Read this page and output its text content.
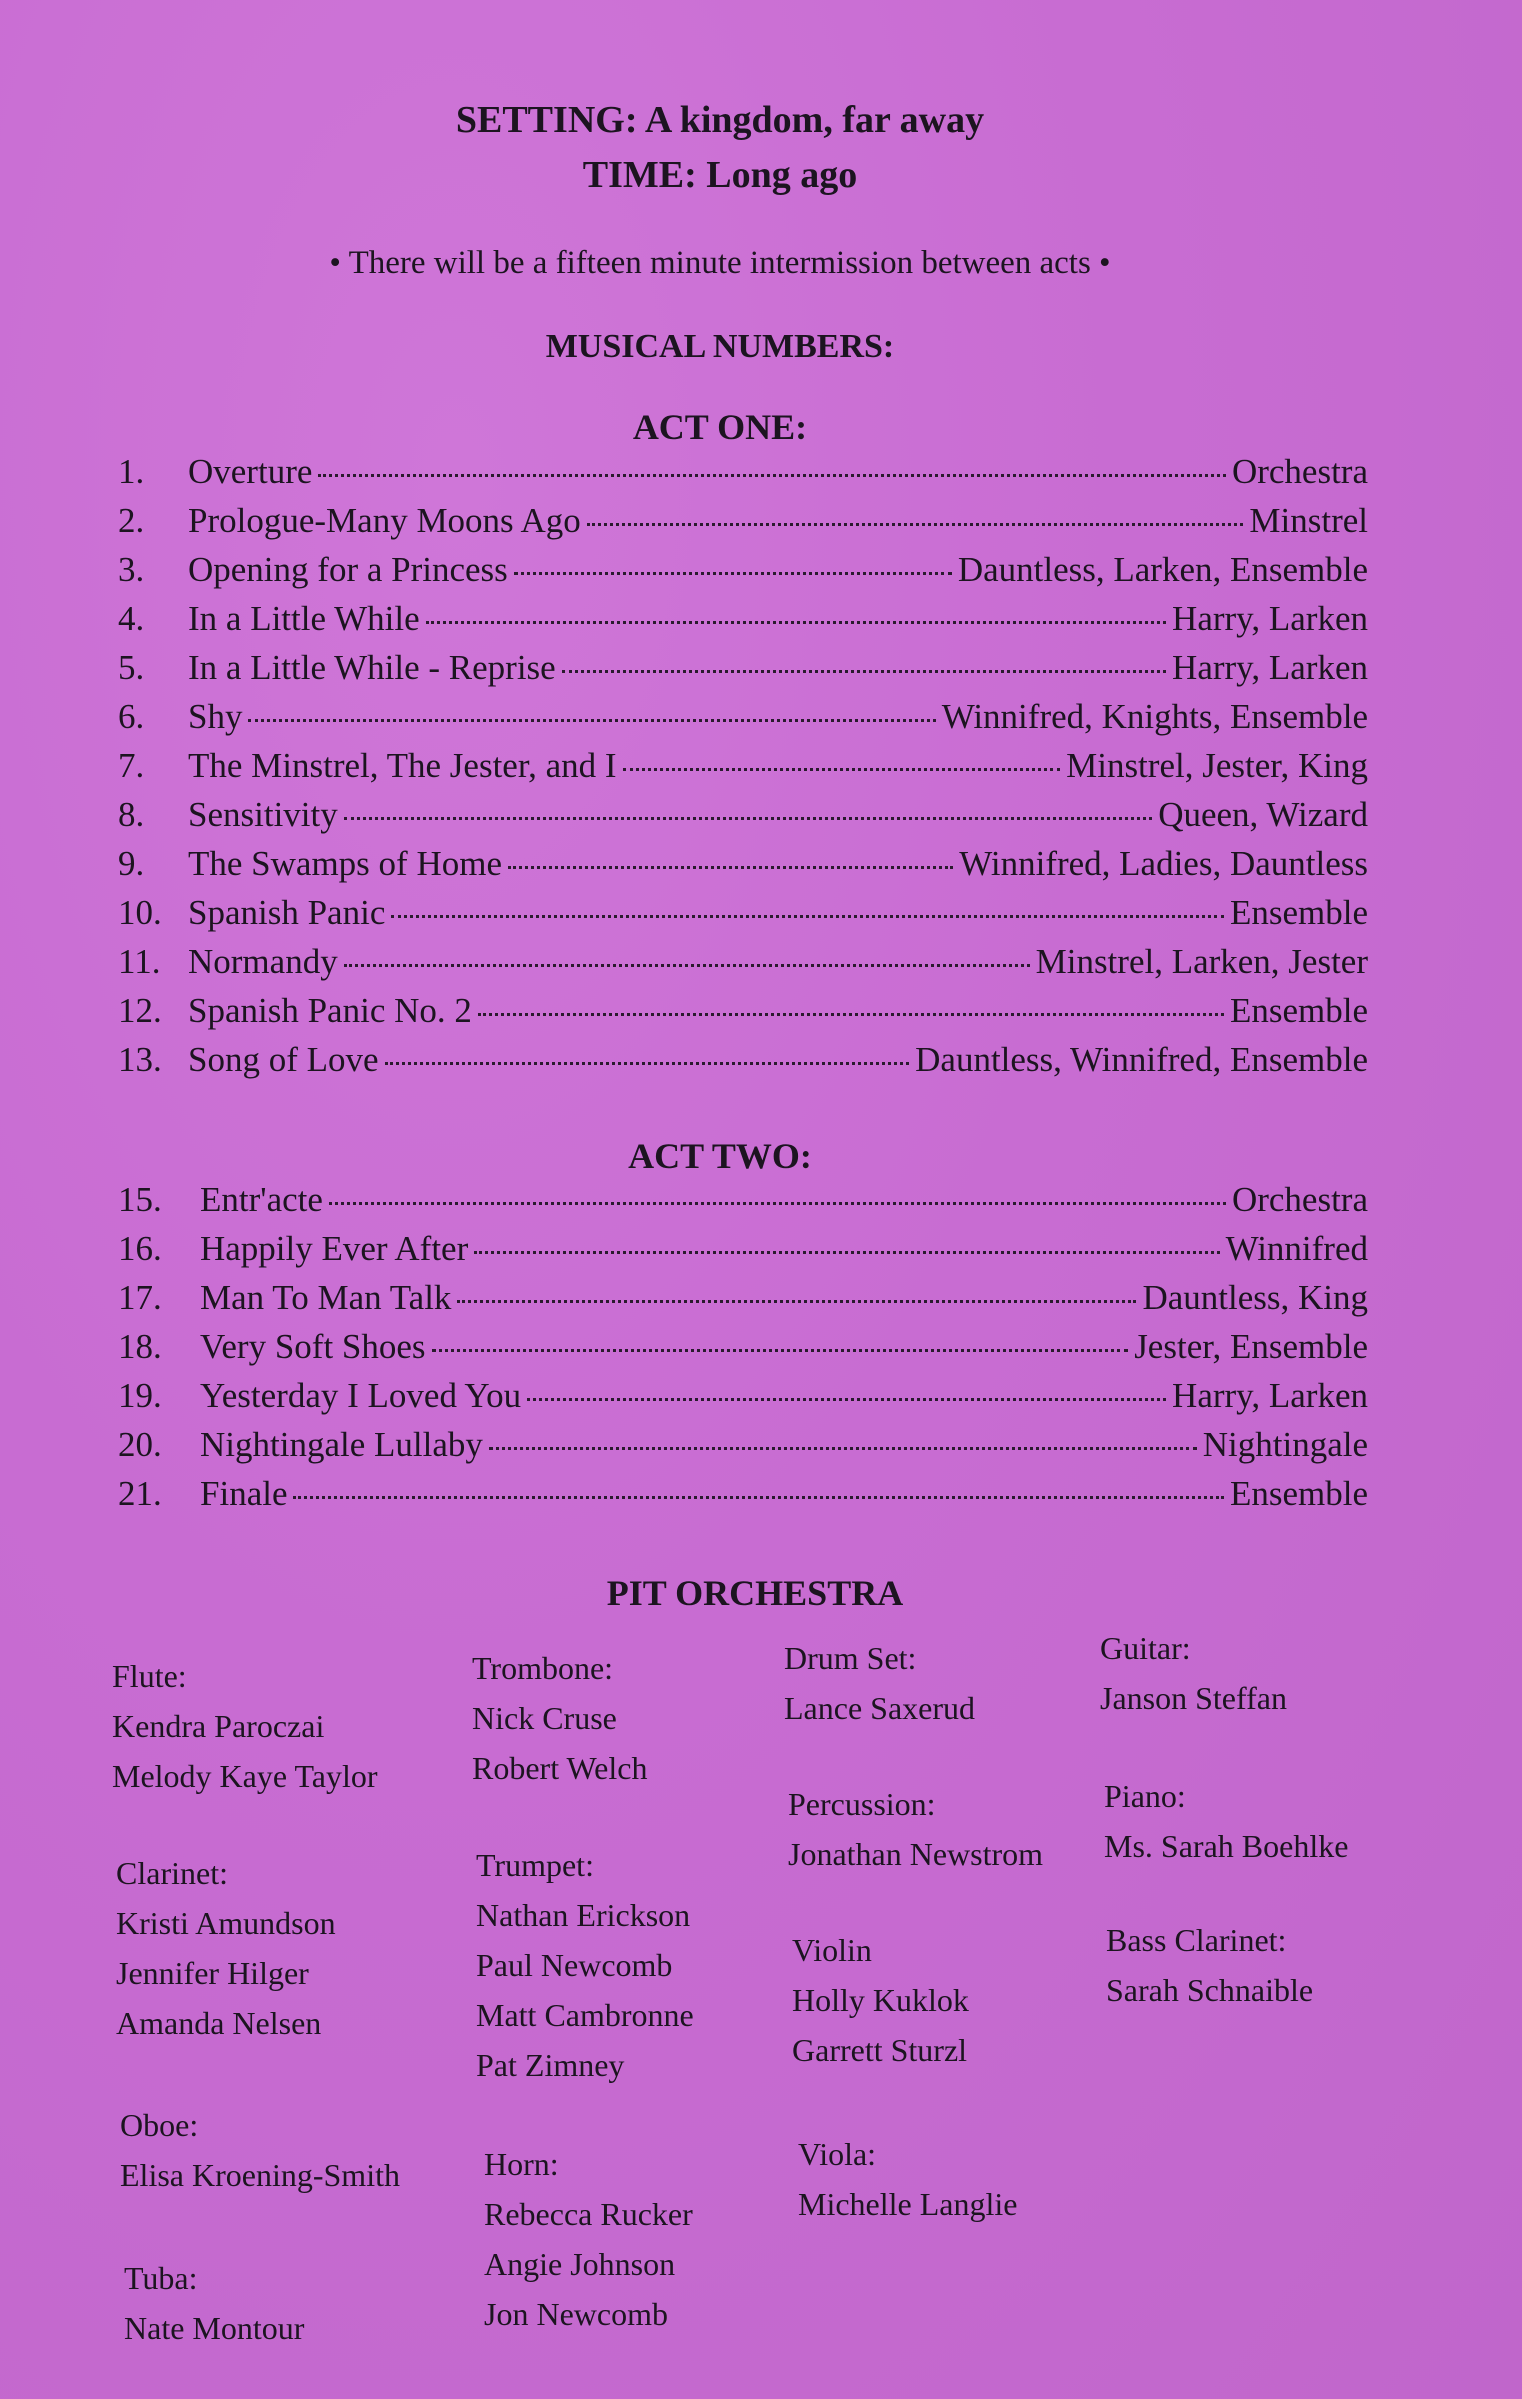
SETTING: A kingdom, far away
TIME: Long ago
• There will be a fifteen minute intermission between acts •
MUSICAL NUMBERS:
ACT ONE:
1.	Overture	Orchestra
2.	Prologue-Many Moons Ago	Minstrel
3.	Opening for a Princess	Dauntless, Larken, Ensemble
4.	In a Little While	Harry, Larken
5.	In a Little While - Reprise	Harry, Larken
6.	Shy	Winnifred, Knights, Ensemble
7.	The Minstrel, The Jester, and I	Minstrel, Jester, King
8.	Sensitivity	Queen, Wizard
9.	The Swamps of Home	Winnifred, Ladies, Dauntless
10. Spanish Panic	Ensemble
11. Normandy	Minstrel, Larken, Jester
12. Spanish Panic No. 2	Ensemble
13. Song of Love	Dauntless, Winnifred, Ensemble
ACT TWO:
15.	Entr'acte	Orchestra
16.	Happily Ever After	Winnifred
17.	Man To Man Talk	Dauntless, King
18.	Very Soft Shoes	Jester, Ensemble
19.	Yesterday I Loved You	Harry, Larken
20.	Nightingale Lullaby	Nightingale
21.	Finale	Ensemble
PIT ORCHESTRA
Flute:
Kendra Paroczai
Melody Kaye Taylor
Clarinet:
Kristi Amundson
Jennifer Hilger
Amanda Nelsen
Oboe:
Elisa Kroening-Smith
Tuba:
Nate Montour
Trombone:
Nick Cruse
Robert Welch
Trumpet:
Nathan Erickson
Paul Newcomb
Matt Cambronne
Pat Zimney
Horn:
Rebecca Rucker
Angie Johnson
Jon Newcomb
Drum Set:
Lance Saxerud
Percussion:
Jonathan Newstrom
Violin
Holly Kuklok
Garrett Sturzl
Viola:
Michelle Langlie
Guitar:
Janson Steffan
Piano:
Ms. Sarah Boehlke
Bass Clarinet:
Sarah Schnaible
